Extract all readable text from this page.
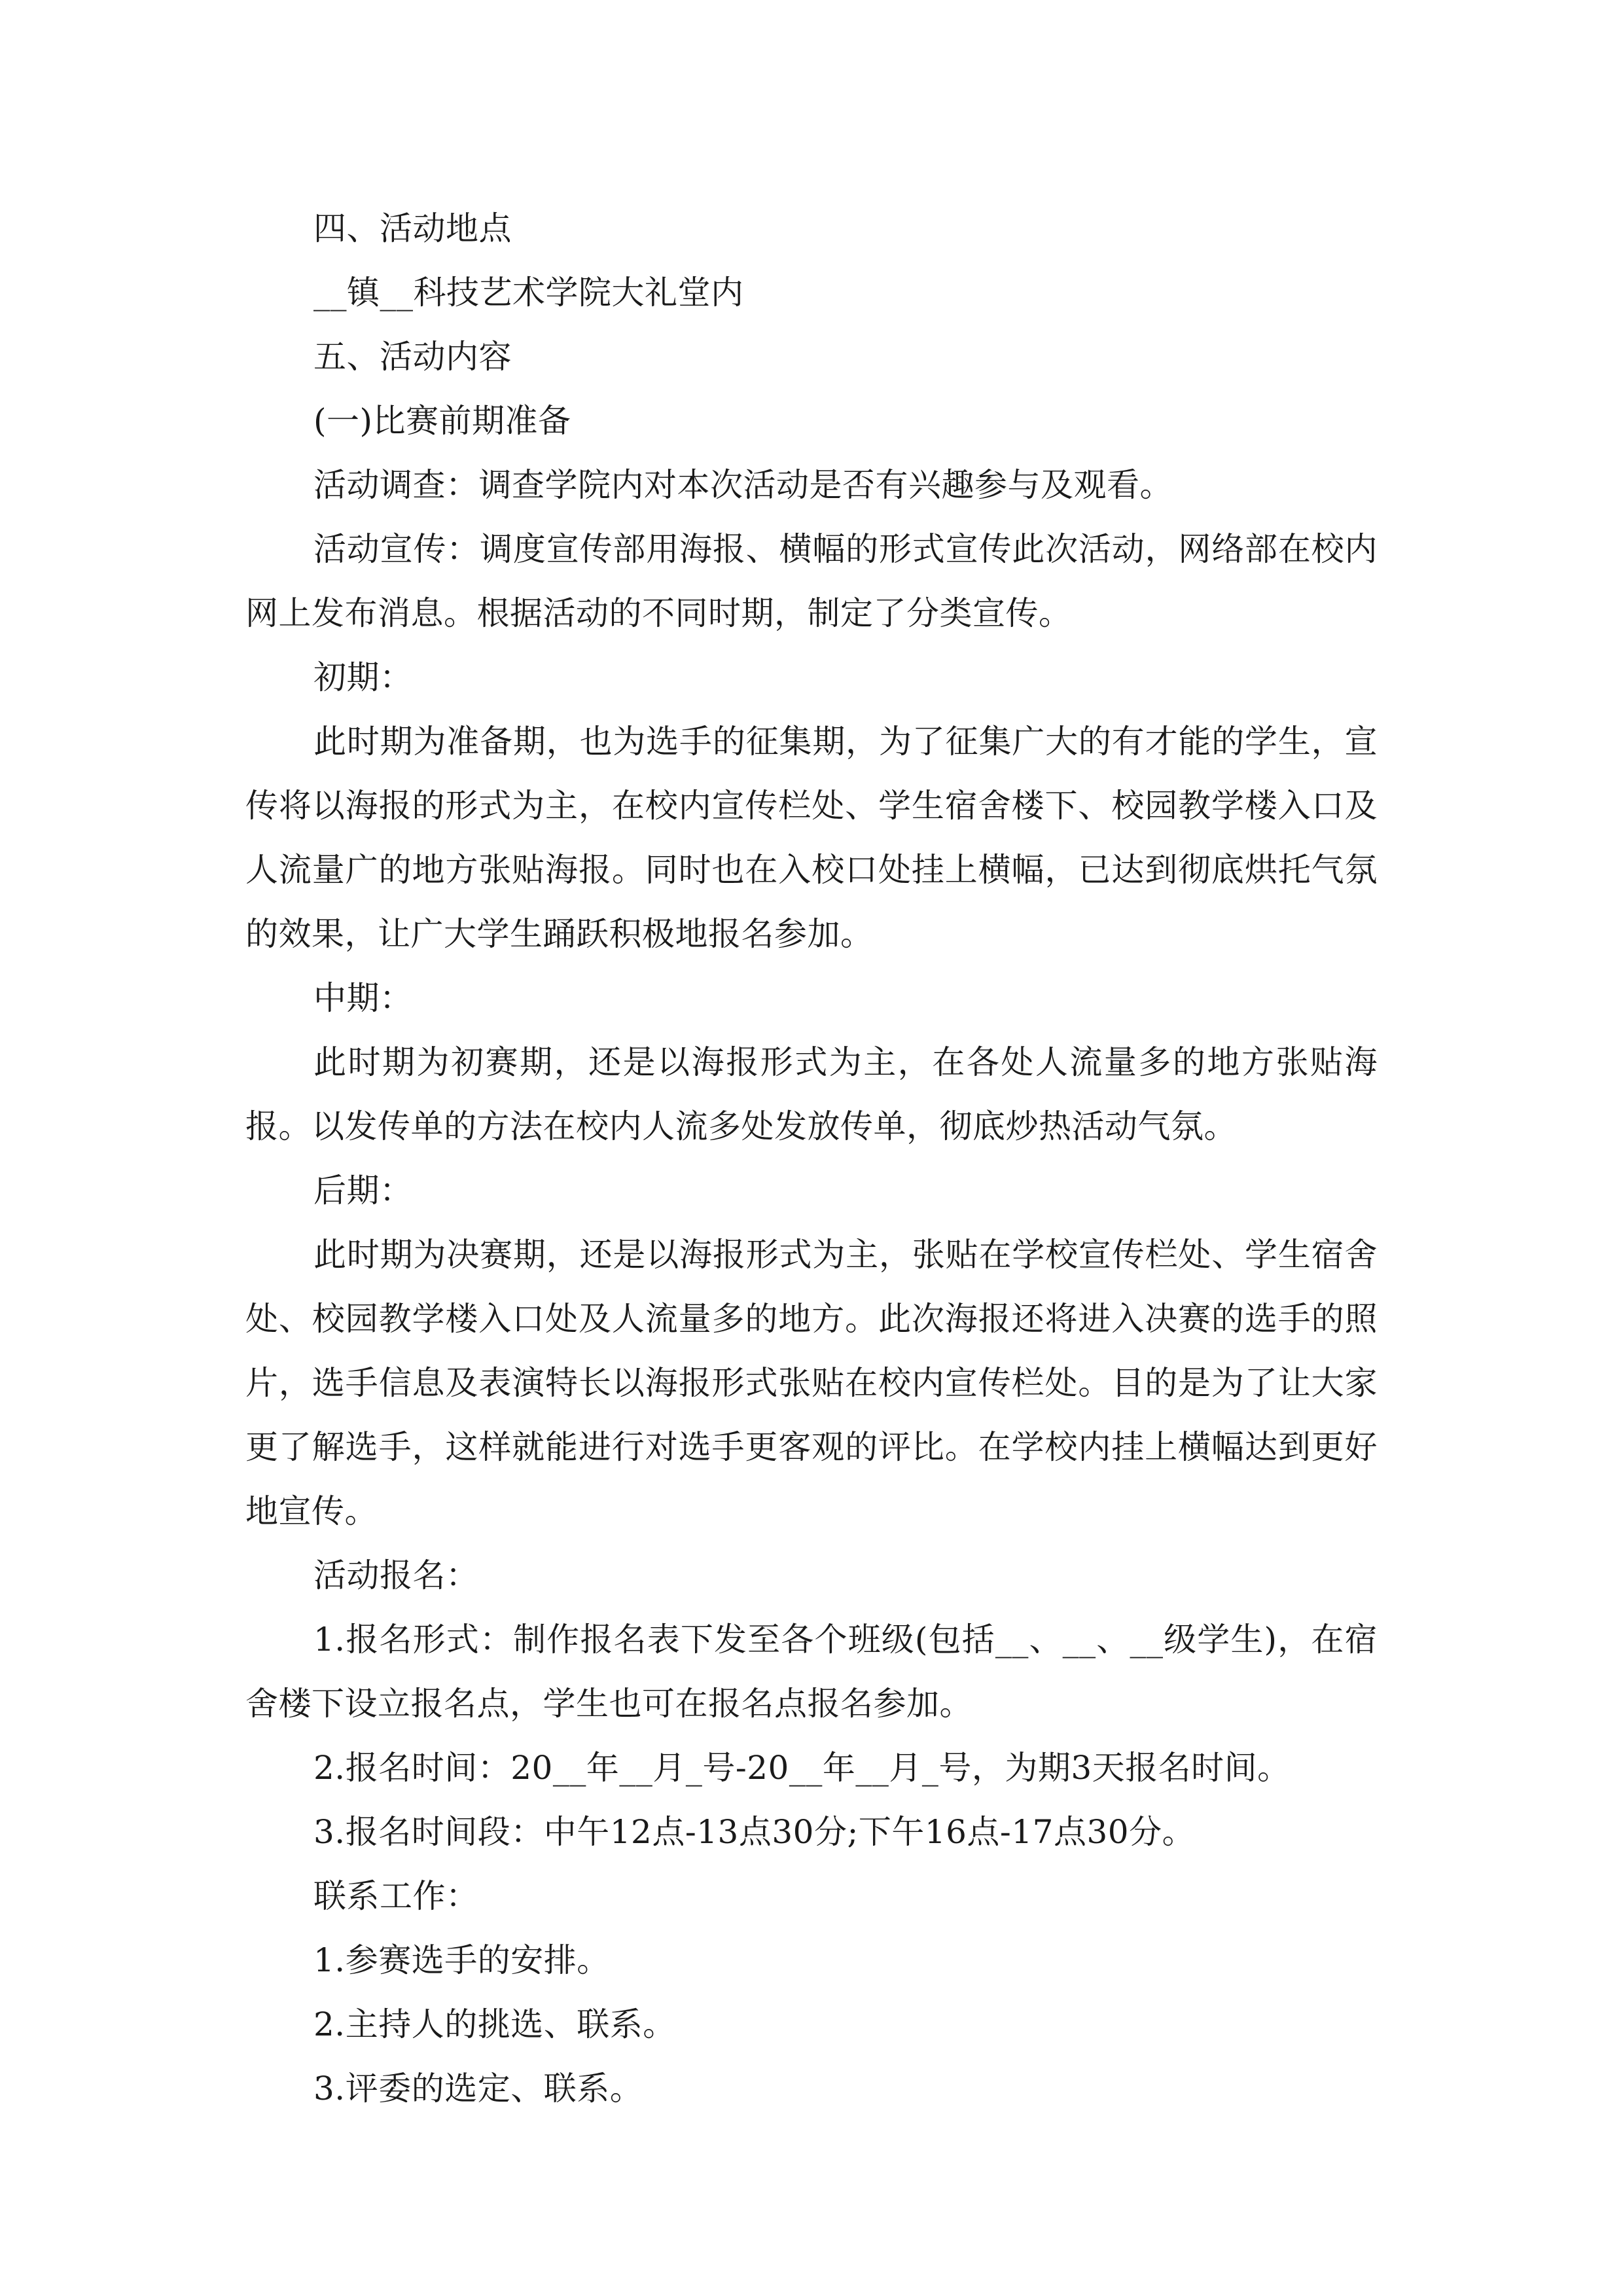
四、活动地点

__镇__科技艺术学院大礼堂内

五、活动内容

(一)比赛前期准备

活动调查：调查学院内对本次活动是否有兴趣参与及观看。

活动宣传：调度宣传部用海报、横幅的形式宣传此次活动，网络部在校内网上发布消息。根据活动的不同时期，制定了分类宣传。

初期：

此时期为准备期，也为选手的征集期，为了征集广大的有才能的学生，宣传将以海报的形式为主，在校内宣传栏处、学生宿舍楼下、校园教学楼入口及人流量广的地方张贴海报。同时也在入校口处挂上横幅，已达到彻底烘托气氛的效果，让广大学生踊跃积极地报名参加。

中期：

此时期为初赛期，还是以海报形式为主，在各处人流量多的地方张贴海报。以发传单的方法在校内人流多处发放传单，彻底炒热活动气氛。

后期：

此时期为决赛期，还是以海报形式为主，张贴在学校宣传栏处、学生宿舍处、校园教学楼入口处及人流量多的地方。此次海报还将进入决赛的选手的照片，选手信息及表演特长以海报形式张贴在校内宣传栏处。目的是为了让大家更了解选手，这样就能进行对选手更客观的评比。在学校内挂上横幅达到更好地宣传。

活动报名：

1.报名形式：制作报名表下发至各个班级(包括__、__、__级学生)，在宿舍楼下设立报名点，学生也可在报名点报名参加。

2.报名时间：20__年__月_号-20__年__月_号，为期3天报名时间。

3.报名时间段：中午12点-13点30分;下午16点-17点30分。

联系工作：

1.参赛选手的安排。

2.主持人的挑选、联系。

3.评委的选定、联系。
